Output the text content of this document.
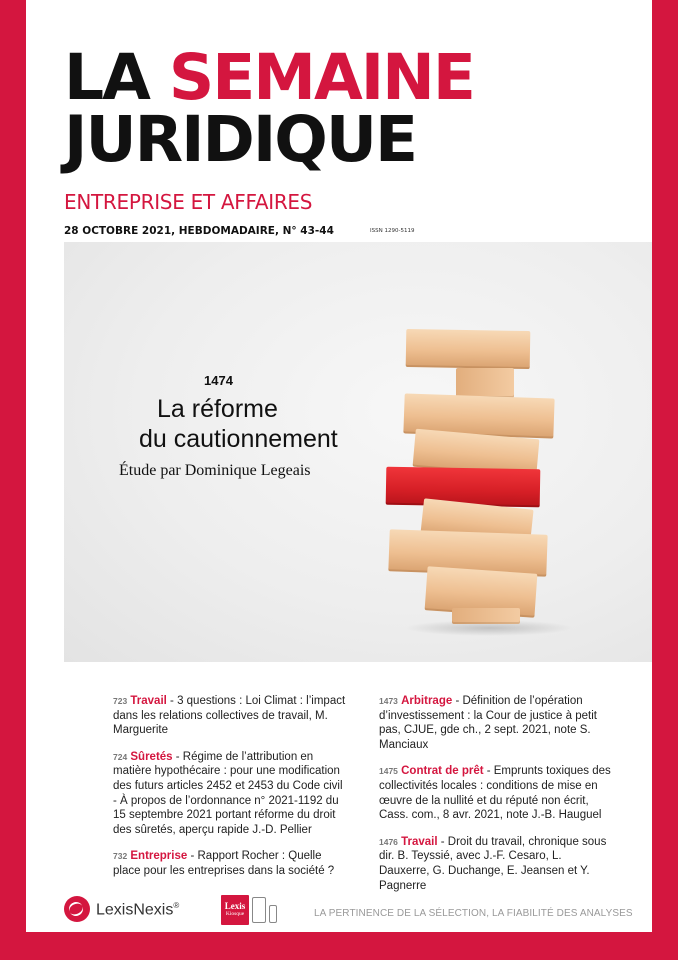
LA SEMAINE
JURIDIQUE
ENTREPRISE ET AFFAIRES
28 OCTOBRE 2021, HEBDOMADAIRE, N° 43-44	ISSN 1290-5119
1474
La réforme
du cautionnement
Étude par Dominique Legeais

723 Travail - 3 questions : Loi Climat : l’impact dans les relations collectives de travail, M. Marguerite

724 Sûretés - Régime de l’attribution en matière hypothécaire : pour une modification des futurs articles 2452 et 2453 du Code civil - À propos de l’ordonnance n° 2021-1192 du 15 septembre 2021 portant réforme du droit des sûretés, aperçu rapide J.-D. Pellier

732 Entreprise - Rapport Rocher : Quelle place pour les entreprises dans la société ?

1473 Arbitrage - Définition de l’opération d’investissement : la Cour de justice à petit pas, CJUE, gde ch., 2 sept. 2021, note S. Manciaux

1475 Contrat de prêt - Emprunts toxiques des collectivités locales : conditions de mise en œuvre de la nullité et du réputé non écrit, Cass. com., 8 avr. 2021, note J.-B. Hauguel

1476 Travail - Droit du travail, chronique sous dir. B. Teyssié, avec J.-F. Cesaro, L. Dauxerre, G. Duchange, E. Jeansen et Y. Pagnerre

LexisNexis®	Lexis
Kiosque	LA PERTINENCE DE LA SÉLECTION, LA FIABILITÉ DES ANALYSES
